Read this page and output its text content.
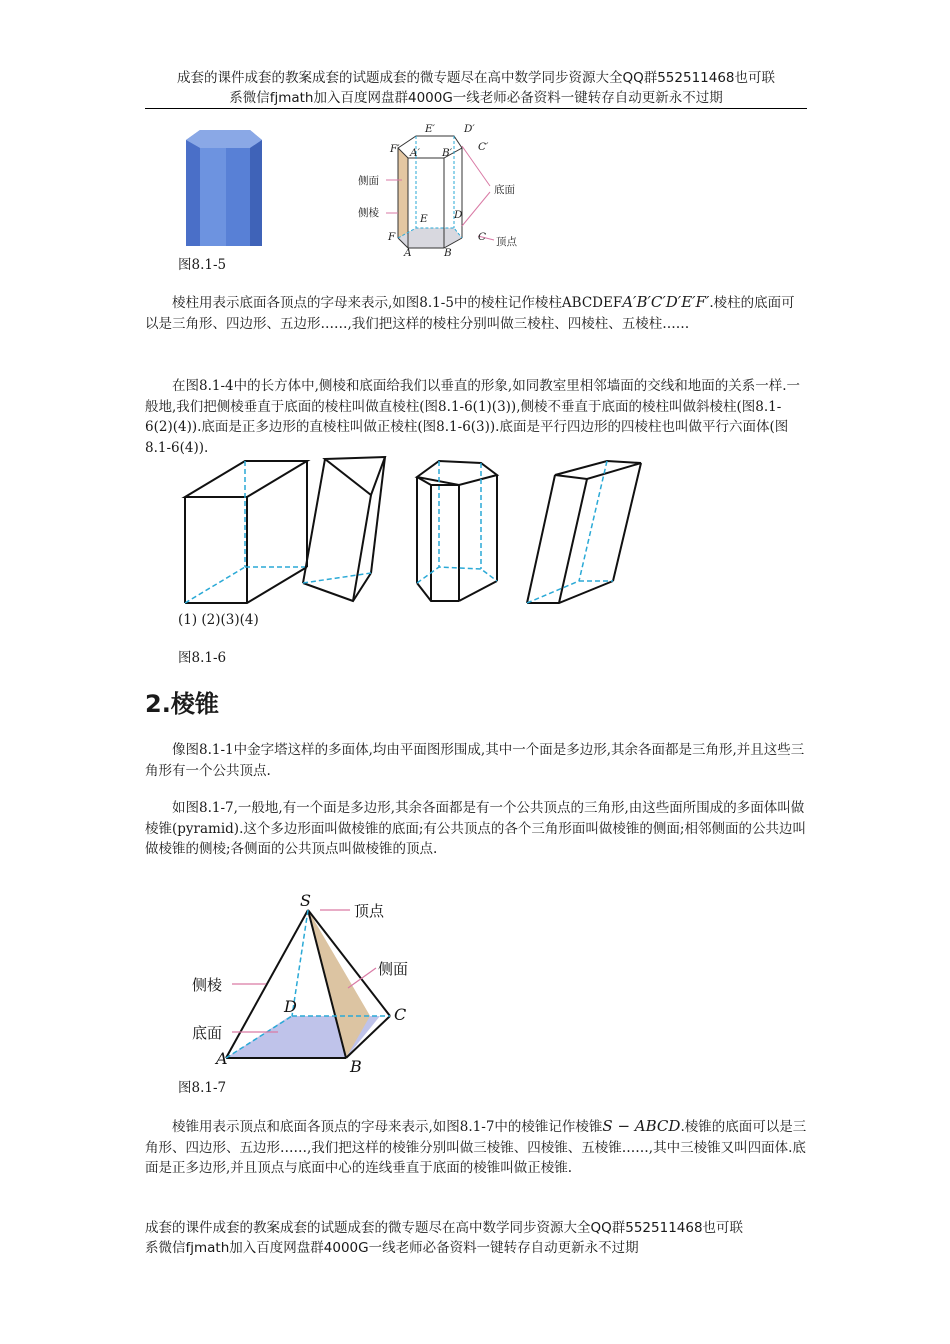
成套的课件成套的教案成套的试题成套的微专题尽在高中数学同步资源大全QQ群552511468也可联
系微信fjmath加入百度网盘群4000G一线老师必备资料一键转存自动更新永不过期
E′	D′
F′ A′ B′ C′
E	D
F
A	B
C
侧面
侧棱
底面
顶点
图8.1-5

棱柱用表示底面各顶点的字母来表示,如图8.1-5中的棱柱记作棱柱ABCDEFA′B′C′D′E′F′.棱柱的底面可以是三角形、四边形、五边形……,我们把这样的棱柱分别叫做三棱柱、四棱柱、五棱柱……

在图8.1-4中的长方体中,侧棱和底面给我们以垂直的形象,如同教室里相邻墙面的交线和地面的关系一样.一般地,我们把侧棱垂直于底面的棱柱叫做直棱柱(图8.1-6(1)(3)),侧棱不垂直于底面的棱柱叫做斜棱柱(图8.1-6(2)(4)).底面是正多边形的直棱柱叫做正棱柱(图8.1-6(3)).底面是平行四边形的四棱柱也叫做平行六面体(图8.1-6(4)).

(1) (2)(3)(4)
图8.1-6
2.棱锥

像图8.1-1中金字塔这样的多面体,均由平面图形围成,其中一个面是多边形,其余各面都是三角形,并且这些三角形有一个公共顶点.

如图8.1-7,一般地,有一个面是多边形,其余各面都是有一个公共顶点的三角形,由这些面所围成的多面体叫做棱锥(pyramid).这个多边形面叫做棱锥的底面;有公共顶点的各个三角形面叫做棱锥的侧面;相邻侧面的公共边叫做棱锥的侧棱;各侧面的公共顶点叫做棱锥的顶点.

S
A	B
C
D
顶点
侧面
侧棱
底面
图8.1-7

棱锥用表示顶点和底面各顶点的字母来表示,如图8.1-7中的棱锥记作棱锥S − ABCD.棱锥的底面可以是三角形、四边形、五边形……,我们把这样的棱锥分别叫做三棱锥、四棱锥、五棱锥……,其中三棱锥又叫四面体.底面是正多边形,并且顶点与底面中心的连线垂直于底面的棱锥叫做正棱锥.

成套的课件成套的教案成套的试题成套的微专题尽在高中数学同步资源大全QQ群552511468也可联
系微信fjmath加入百度网盘群4000G一线老师必备资料一键转存自动更新永不过期
